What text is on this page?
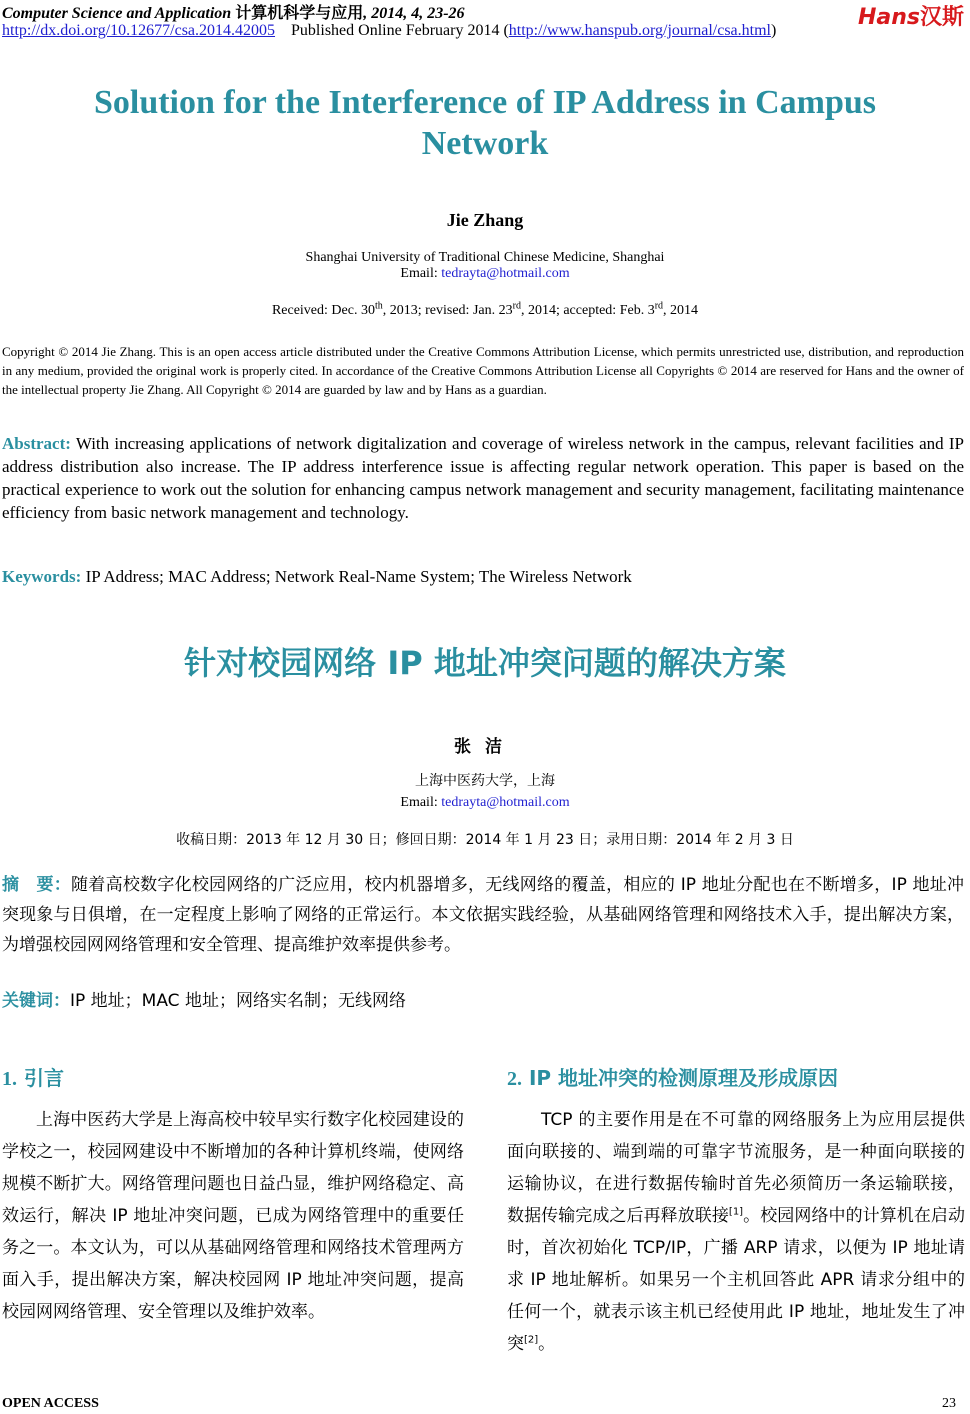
Computer Science and Application 计算机科学与应用, 2014, 4, 23-26
http://dx.doi.org/10.12677/csa.2014.42005 Published Online February 2014 (http://www.hanspub.org/journal/csa.html)
Hans汉斯
Solution for the Interference of IP Address in Campus Network
Jie Zhang
Shanghai University of Traditional Chinese Medicine, Shanghai
Email: tedrayta@hotmail.com
Received: Dec. 30th, 2013; revised: Jan. 23rd, 2014; accepted: Feb. 3rd, 2014
Copyright © 2014 Jie Zhang. This is an open access article distributed under the Creative Commons Attribution License, which permits unrestricted use, distribution, and reproduction in any medium, provided the original work is properly cited. In accordance of the Creative Commons Attribution License all Copyrights © 2014 are reserved for Hans and the owner of the intellectual property Jie Zhang. All Copyright © 2014 are guarded by law and by Hans as a guardian.
Abstract: With increasing applications of network digitalization and coverage of wireless network in the campus, relevant facilities and IP address distribution also increase. The IP address interference issue is affecting regular network operation. This paper is based on the practical experience to work out the solution for enhancing campus network management and security management, facilitating maintenance efficiency from basic network management and technology.
Keywords: IP Address; MAC Address; Network Real-Name System; The Wireless Network
针对校园网络 IP 地址冲突问题的解决方案
张洁
上海中医药大学，上海
Email: tedrayta@hotmail.com
收稿日期：2013 年 12 月 30 日；修回日期：2014 年 1 月 23 日；录用日期：2014 年 2 月 3 日
摘　要：随着高校数字化校园网络的广泛应用，校内机器增多，无线网络的覆盖，相应的 IP 地址分配也在不断增多，IP 地址冲突现象与日俱增，在一定程度上影响了网络的正常运行。本文依据实践经验，从基础网络管理和网络技术入手，提出解决方案，为增强校园网网络管理和安全管理、提高维护效率提供参考。
关键词：IP 地址；MAC 地址；网络实名制；无线网络
1. 引言

上海中医药大学是上海高校中较早实行数字化校园建设的学校之一，校园网建设中不断增加的各种计算机终端，使网络规模不断扩大。网络管理问题也日益凸显，维护网络稳定、高效运行，解决 IP 地址冲突问题，已成为网络管理中的重要任务之一。本文认为，可以从基础网络管理和网络技术管理两方面入手，提出解决方案，解决校园网 IP 地址冲突问题，提高校园网网络管理、安全管理以及维护效率。

2. IP 地址冲突的检测原理及形成原因

TCP 的主要作用是在不可靠的网络服务上为应用层提供面向联接的、端到端的可靠字节流服务，是一种面向联接的运输协议，在进行数据传输时首先必须简历一条运输联接，数据传输完成之后再释放联接[1]。校园网络中的计算机在启动时，首次初始化 TCP/IP，广播 ARP 请求，以便为 IP 地址请求 IP 地址解析。如果另一个主机回答此 APR 请求分组中的任何一个，就表示该主机已经使用此 IP 地址，地址发生了冲突[2]。

OPEN ACCESS	23
